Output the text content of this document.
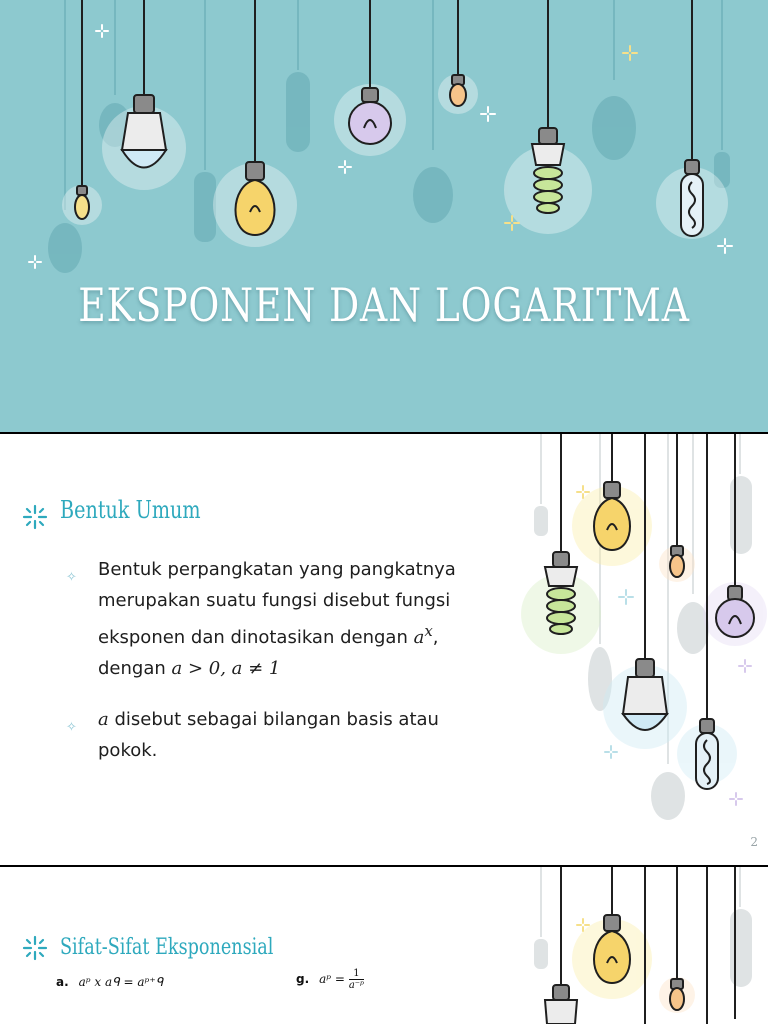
EKSPONEN DAN LOGARITMA
Bentuk Umum
✧ Bentuk perpangkatan yang pangkatnya merupakan suatu fungsi disebut fungsi eksponen dan dinotasikan dengan $a^x$,
dengan a > 0, a ≠ 1
✧ a disebut sebagai bilangan basis atau pokok.
2
Sifat-Sifat Eksponensial
a. aᵖ x aᑫ = aᵖ⁺ᑫ	g. aᵖ = $\frac{1}{\text{a⁻ᵖ}}$
